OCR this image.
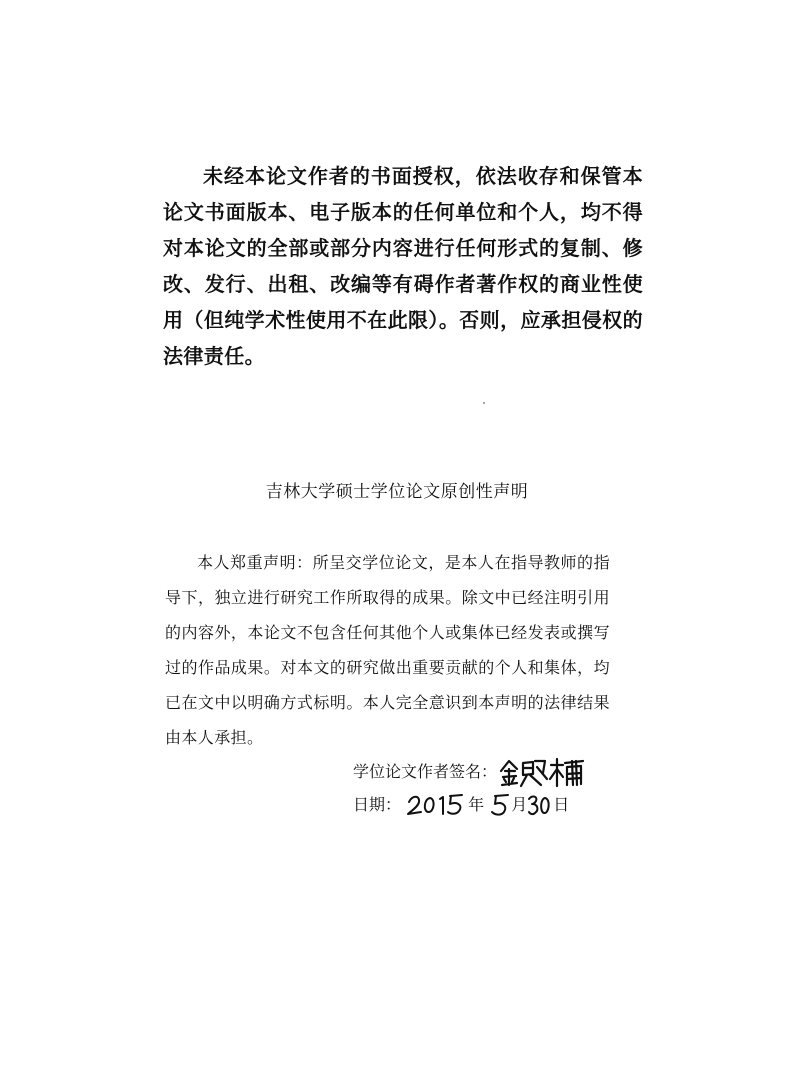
未经本论文作者的书面授权，依法收存和保管本论文书面版本、电子版本的任何单位和个人，均不得对本论文的全部或部分内容进行任何形式的复制、修改、发行、出租、改编等有碍作者著作权的商业性使用（但纯学术性使用不在此限）。否则，应承担侵权的法律责任。

吉林大学硕士学位论文原创性声明

本人郑重声明：所呈交学位论文，是本人在指导教师的指导下，独立进行研究工作所取得的成果。除文中已经注明引用的内容外，本论文不包含任何其他个人或集体已经发表或撰写过的作品成果。对本文的研究做出重要贡献的个人和集体，均已在文中以明确方式标明。本人完全意识到本声明的法律结果由本人承担。

学位论文作者签名：
日期：	年 月 日
